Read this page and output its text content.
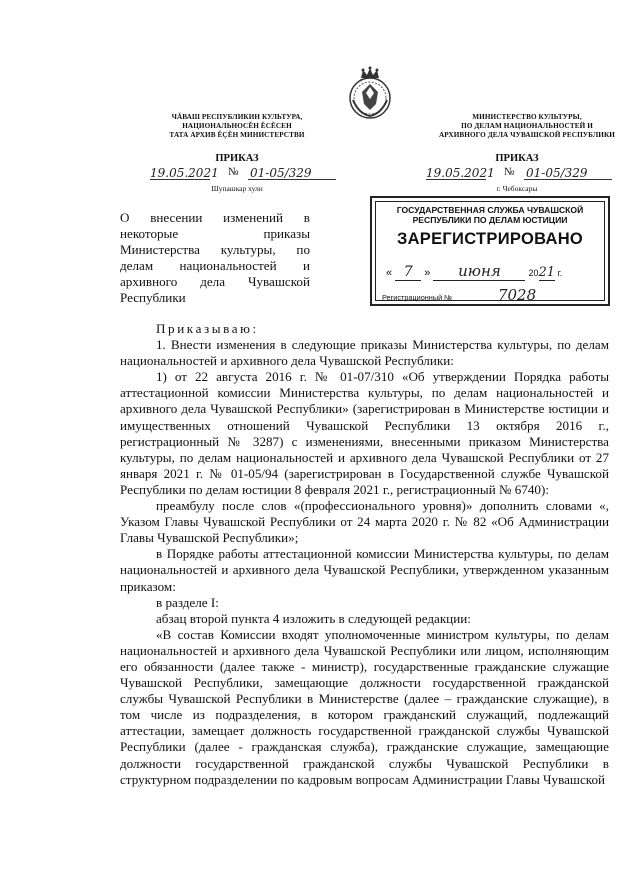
ЧĂВАШ РЕСПУБЛИКИН КУЛЬТУРА,
НАЦИОНАЛЬНОСĔН ĔСĔСЕН
ТАТА АРХИВ ĔÇĔН МИНИСТЕРСТВИ
ПРИКАЗ
19.05.2021 № 01-05/329
Шупашкар хули
МИНИСТЕРСТВО КУЛЬТУРЫ,
ПО ДЕЛАМ НАЦИОНАЛЬНОСТЕЙ И
АРХИВНОГО ДЕЛА ЧУВАШСКОЙ РЕСПУБЛИКИ
ПРИКАЗ
19.05.2021 № 01-05/329
г. Чебоксары

О внесении изменений в некоторые приказы Министерства культуры, по делам национальностей и архивного дела Чувашской Республики

ГОСУДАРСТВЕННАЯ СЛУЖБА ЧУВАШСКОЙ
РЕСПУБЛИКИ ПО ДЕЛАМ ЮСТИЦИИ
ЗАРЕГИСТРИРОВАНО
« 7 » июня	2021 г.
Регистрационный №	7028

Приказываю:

1. Внести изменения в следующие приказы Министерства культуры, по делам национальностей и архивного дела Чувашской Республики:

1) от 22 августа 2016 г. № 01-07/310 «Об утверждении Порядка работы аттестационной комиссии Министерства культуры, по делам национальностей и архивного дела Чувашской Республики» (зарегистрирован в Министерстве юстиции и имущественных отношений Чувашской Республики 13 октября 2016 г., регистрационный № 3287) с изменениями, внесенными приказом Министерства культуры, по делам национальностей и архивного дела Чувашской Республики от 27 января 2021 г. № 01-05/94 (зарегистрирован в Государственной службе Чувашской Республики по делам юстиции 8 февраля 2021 г., регистрационный № 6740):

преамбулу после слов «(профессионального уровня)» дополнить словами «, Указом Главы Чувашской Республики от 24 марта 2020 г. № 82 «Об Администрации Главы Чувашской Республики»;

в Порядке работы аттестационной комиссии Министерства культуры, по делам национальностей и архивного дела Чувашской Республики, утвержденном указанным приказом:

в разделе I:

абзац второй пункта 4 изложить в следующей редакции:

«В состав Комиссии входят уполномоченные министром культуры, по делам национальностей и архивного дела Чувашской Республики или лицом, исполняющим его обязанности (далее также - министр), государственные гражданские служащие Чувашской Республики, замещающие должности государственной гражданской службы Чувашской Республики в Министерстве (далее – гражданские служащие), в том числе из подразделения, в котором гражданский служащий, подлежащий аттестации, замещает должность государственной гражданской службы Чувашской Республики (далее - гражданская служба), гражданские служащие, замещающие должности государственной гражданской службы Чувашской Республики в структурном подразделении по кадровым вопросам Администрации Главы Чувашской
